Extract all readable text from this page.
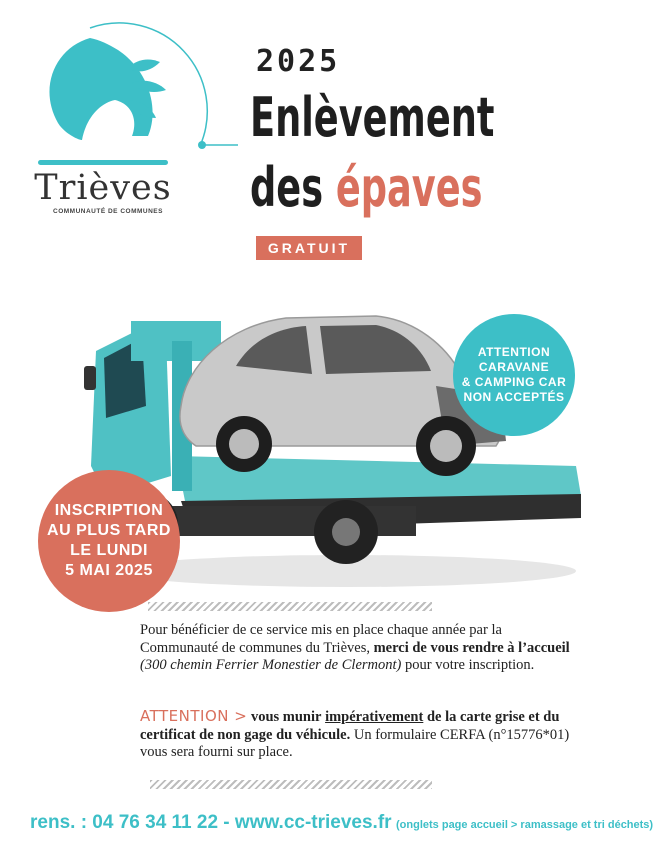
Trièves
COMMUNAUTÉ DE COMMUNES
2025
Enlèvement
des épaves
GRATUIT
ATTENTION
CARAVANE
& CAMPING CAR
NON ACCEPTÉS
INSCRIPTION
AU PLUS TARD
LE LUNDI
5 MAI 2025
Pour bénéficier de ce service mis en place chaque année par la Communauté de communes du Trièves, merci de vous rendre à l’accueil (300 chemin Ferrier Monestier de Clermont) pour votre inscription.
ATTENTION > vous munir impérativement de la carte grise et du certificat de non gage du véhicule. Un formulaire CERFA (n°15776*01) vous sera fourni sur place.
rens. : 04 76 34 11 22 - www.cc-trieves.fr (onglets page accueil > ramassage et tri déchets)
